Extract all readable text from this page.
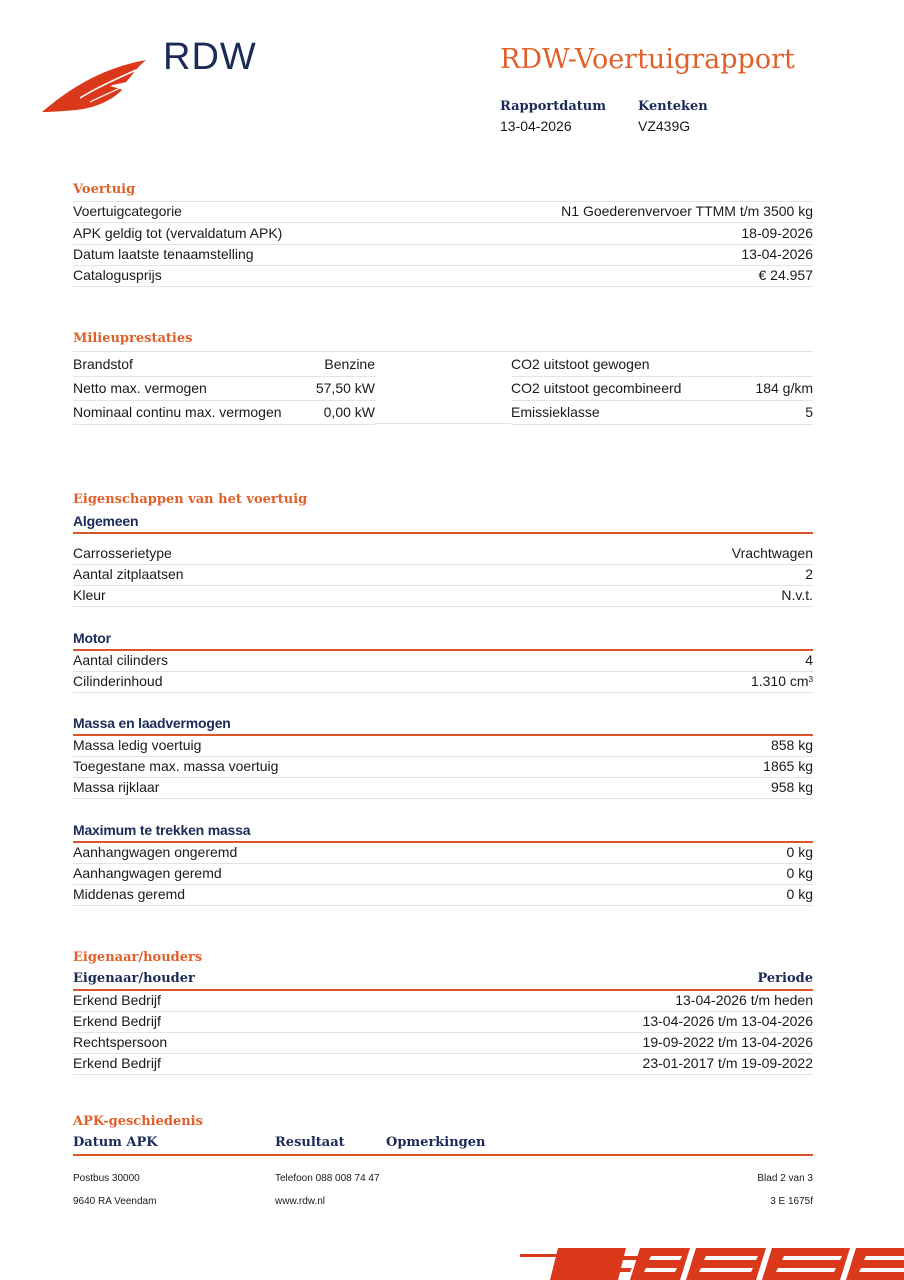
RDW	RDW-Voertuigrapport
Rapportdatum
13-04-2026
Kenteken
VZ439G
Voertuig
Voertuigcategorie	N1 Goederenvervoer TTMM t/m 3500 kg
APK geldig tot (vervaldatum APK)	18-09-2026
Datum laatste tenaamstelling	13-04-2026
Catalogusprijs	€ 24.957
Milieuprestaties
Brandstof	Benzine
Netto max. vermogen	57,50 kW
Nominaal continu max. vermogen	0,00 kW
CO2 uitstoot gewogen
CO2 uitstoot gecombineerd	184 g/km
Emissieklasse	5
Eigenschappen van het voertuig
Algemeen
Carrosserietype	Vrachtwagen
Aantal zitplaatsen	2
Kleur	N.v.t.
Motor
Aantal cilinders	4
Cilinderinhoud	1.310 $cm^3$
Massa en laadvermogen
Massa ledig voertuig	858 kg
Toegestane max. massa voertuig	1865 kg
Massa rijklaar	958 kg
Maximum te trekken massa
Aanhangwagen ongeremd	0 kg
Aanhangwagen geremd	0 kg
Middenas geremd	0 kg
Eigenaar/houders
Eigenaar/houder	Periode
Erkend Bedrijf	13-04-2026 t/m heden
Erkend Bedrijf	13-04-2026 t/m 13-04-2026
Rechtspersoon	19-09-2022 t/m 13-04-2026
Erkend Bedrijf	23-01-2017 t/m 19-09-2022
APK-geschiedenis
Datum APK	Resultaat	Opmerkingen
Postbus 30000
9640 RA Veendam
Telefoon 088 008 74 47
www.rdw.nl
Blad 2 van 3
3 E 1675f
